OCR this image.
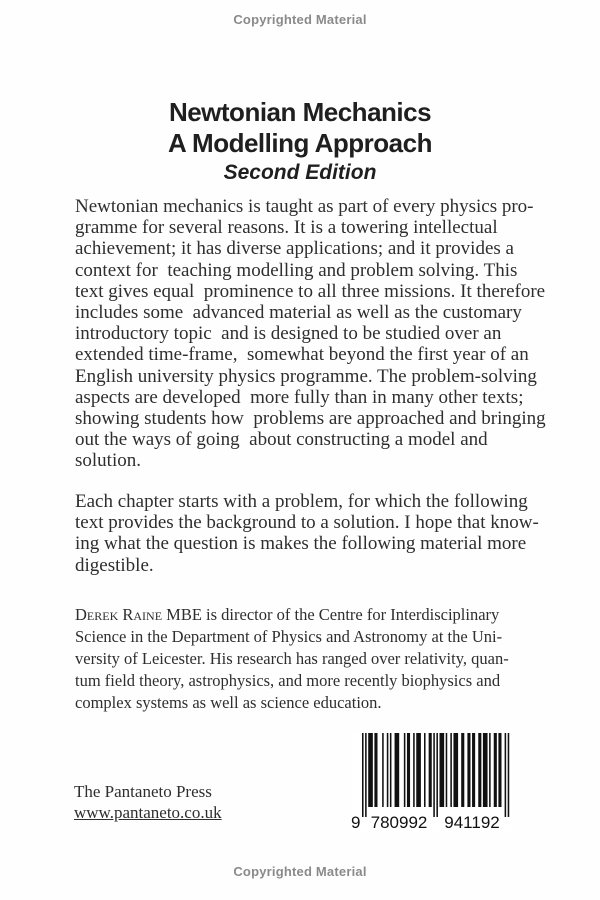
Copyrighted Material
Newtonian Mechanics
A Modelling Approach
Second Edition
Newtonian mechanics is taught as part of every physics pro-
gramme for several reasons. It is a towering intellectual
achievement; it has diverse applications; and it provides a
context for  teaching modelling and problem solving. This
text gives equal  prominence to all three missions. It therefore
includes some  advanced material as well as the customary
introductory topic  and is designed to be studied over an
extended time-frame,  somewhat beyond the first year of an
English university physics programme. The problem-solving
aspects are developed  more fully than in many other texts;
showing students how  problems are approached and bringing
out the ways of going  about constructing a model and
solution.
Each chapter starts with a problem, for which the following
text provides the background to a solution. I hope that know-
ing what the question is makes the following material more
digestible.
Derek Raine MBE is director of the Centre for Interdisciplinary
Science in the Department of Physics and Astronomy at the Uni-
versity of Leicester. His research has ranged over relativity, quan-
tum field theory, astrophysics, and more recently biophysics and
complex systems as well as science education.
The Pantaneto Press
www.pantaneto.co.uk
9 780992 941192
Copyrighted Material
